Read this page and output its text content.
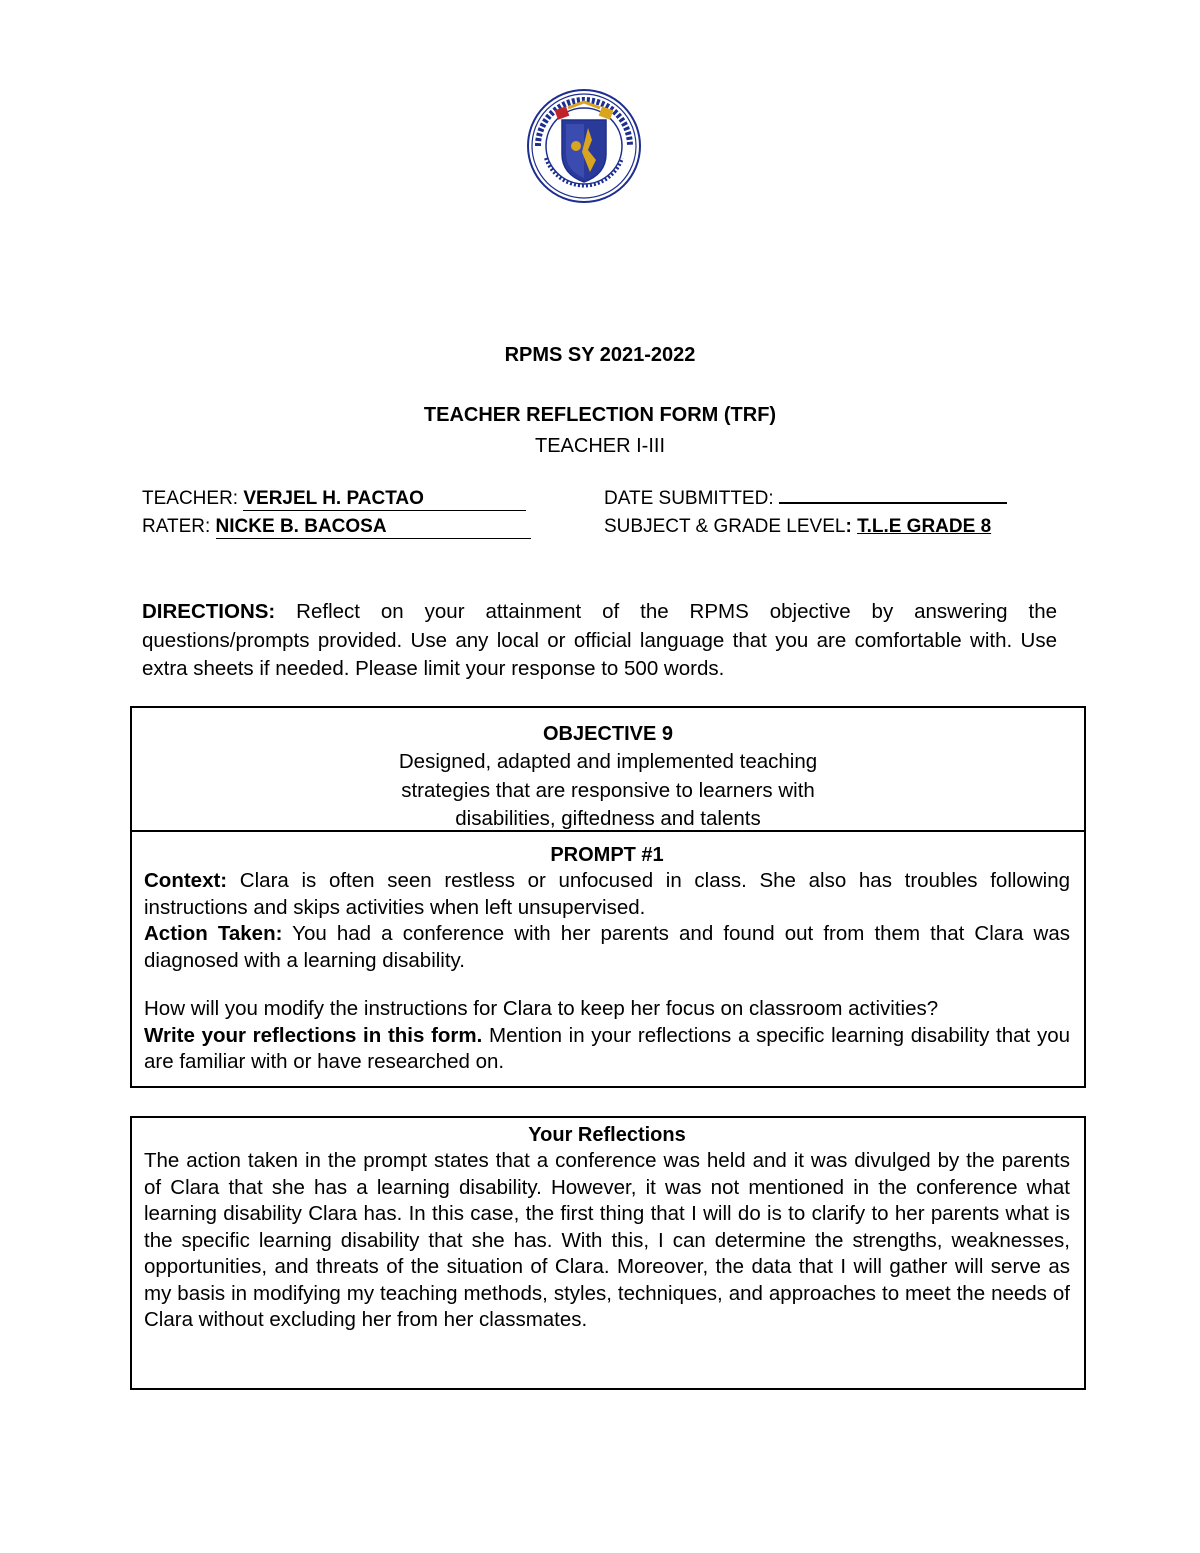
RPMS SY 2021-2022
TEACHER REFLECTION FORM (TRF)
TEACHER I-III
TEACHER: VERJEL H. PACTAO
RATER: NICKE B. BACOSA
DATE SUBMITTED:
SUBJECT & GRADE LEVEL: T.L.E GRADE 8
DIRECTIONS: Reflect on your attainment of the RPMS objective by answering the questions/prompts provided. Use any local or official language that you are comfortable with. Use extra sheets if needed. Please limit your response to 500 words.
OBJECTIVE 9
Designed, adapted and implemented teaching
strategies that are responsive to learners with
disabilities, giftedness and talents
PROMPT #1

Context: Clara is often seen restless or unfocused in class. She also has troubles following instructions and skips activities when left unsupervised.

Action Taken: You had a conference with her parents and found out from them that Clara was diagnosed with a learning disability.

How will you modify the instructions for Clara to keep her focus on classroom activities?

Write your reflections in this form. Mention in your reflections a specific learning disability that you are familiar with or have researched on.

Your Reflections

The action taken in the prompt states that a conference was held and it was divulged by the parents of Clara that she has a learning disability. However, it was not mentioned in the conference what learning disability Clara has. In this case, the first thing that I will do is to clarify to her parents what is the specific learning disability that she has. With this, I can determine the strengths, weaknesses, opportunities, and threats of the situation of Clara. Moreover, the data that I will gather will serve as my basis in modifying my teaching methods, styles, techniques, and approaches to meet the needs of Clara without excluding her from her classmates.
